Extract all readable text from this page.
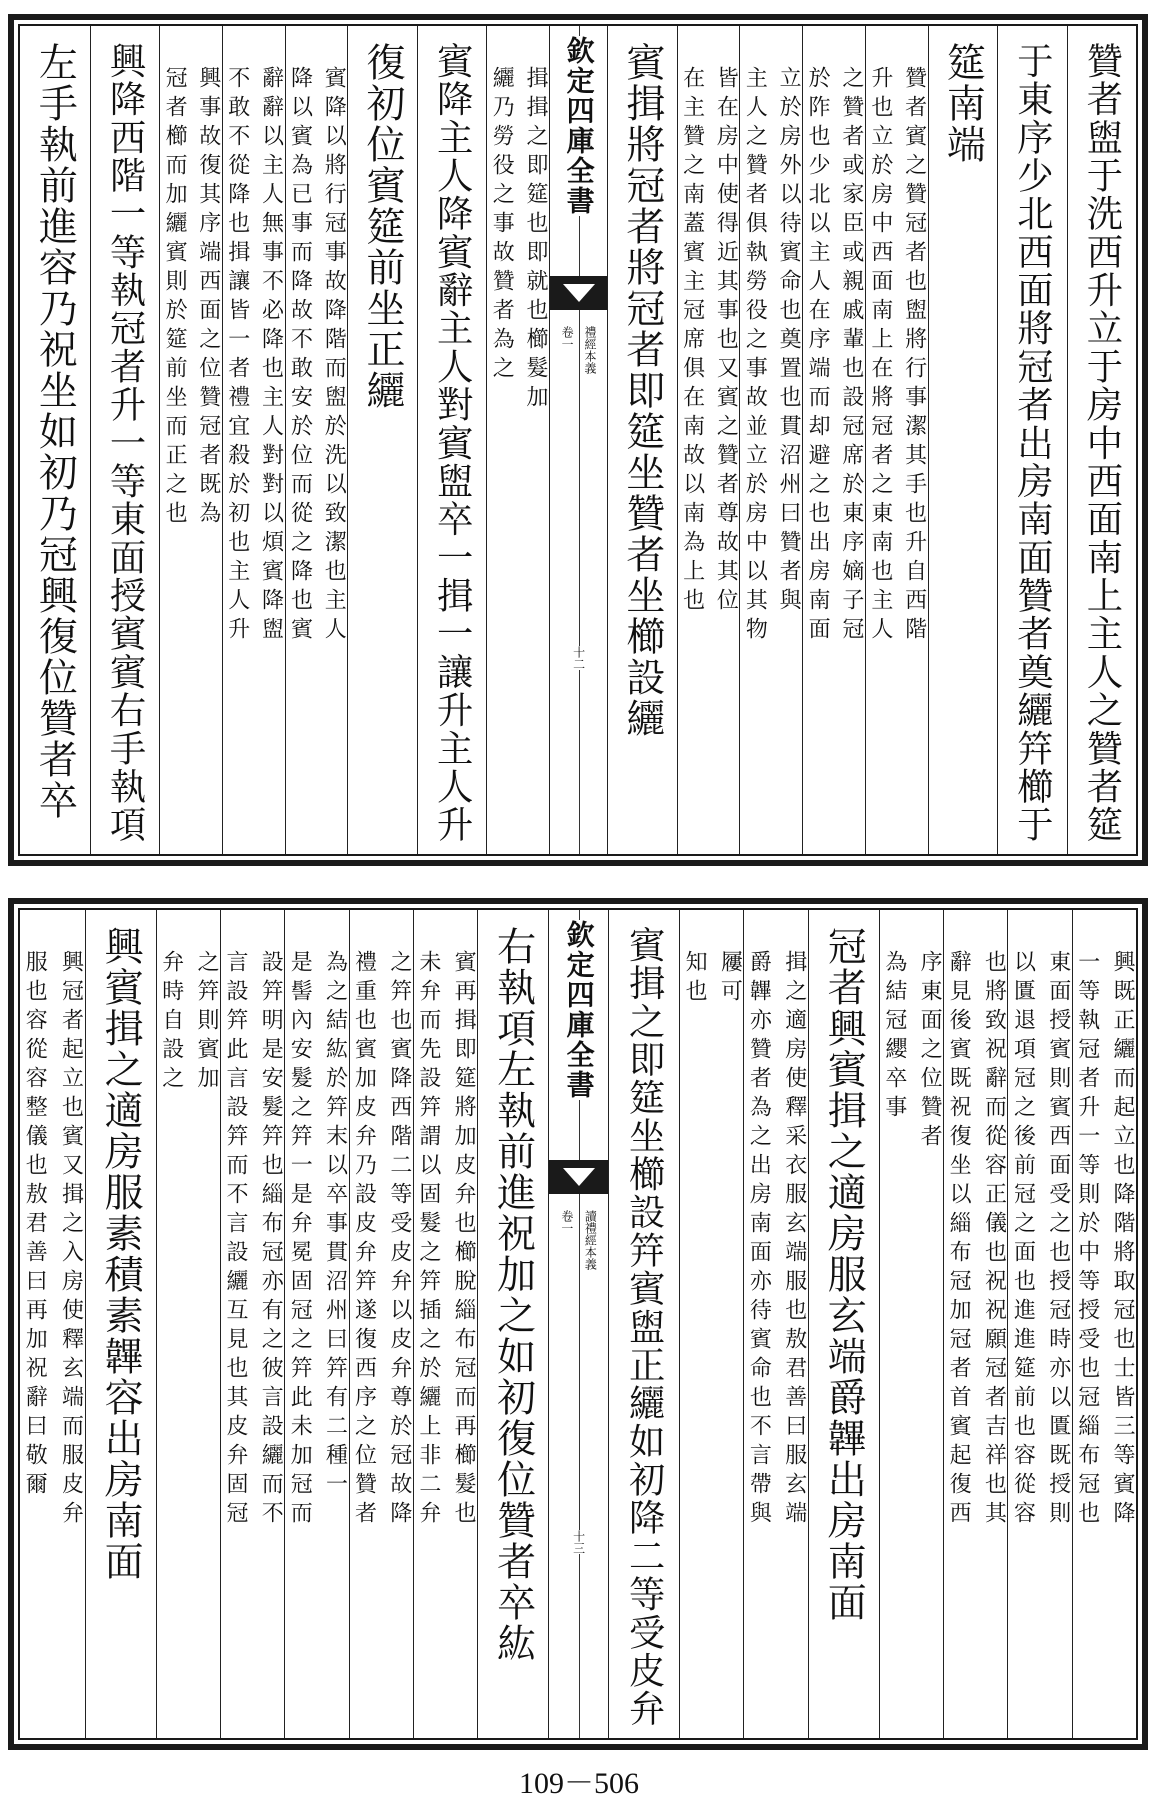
贊者盥于洗西升立于房中西面南上主人之贊者筵
于東序少北西面將冠者出房南面贊者奠纚筓櫛于
筵南端
贊者賓之贊冠者也盥將行事潔其手也升自西階
升也立於房中西面南上在將冠者之東南也主人
之贊者或家臣或親戚輩也設冠席於東序嫡子冠
於阼也少北以主人在序端而却避之也出房南面
立於房外以待賓命也奠置也貫沼州曰贊者與
主人之贊者俱執勞役之事故並立於房中以其物
皆在房中使得近其事也又賓之贊者尊故其位
在主贊之南蓋賓主冠席俱在南故以南為上也
賓揖將冠者將冠者即筵坐贊者坐櫛設纚
欽定四庫全書
卷一 禮經本義
十二
揖揖之即筵也即就也櫛髮加
纚乃勞役之事故贊者為之
賓降主人降賓辭主人對賓盥卒一揖一讓升主人升
復初位賓筵前坐正纚
賓降以將行冠事故降階而盥於洗以致潔也主人
降以賓為已事而降故不敢安於位而從之降也賓
辭辭以主人無事不必降也主人對對以煩賓降盥
不敢不從降也揖讓皆一者禮宜殺於初也主人升
興事故復其序端西面之位贊冠者既為
冠者櫛而加纚賓則於筵前坐而正之也
興降西階一等執冠者升一等東面授賓賓右手執項
左手執前進容乃祝坐如初乃冠興復位贊者卒
興既正纚而起立也降階將取冠也士皆三等賓降
一等執冠者升一等則於中等授受也冠緇布冠也
東面授賓則賓西面受之也授冠時亦以匱既授則
以匱退項冠之後前冠之面也進進筵前也容從容
也將致祝辭而從容正儀也祝祝願冠者吉祥也其
辭見後賓既祝復坐以緇布冠加冠者首賓起復西
序東面之位贊者
為結冠纓卒事
冠者興賓揖之適房服玄端爵韠出房南面
揖之適房使釋采衣服玄端服也敖君善曰服玄端
爵韠亦贊者為之出房南面亦待賓命也不言帶與
屨可
知也
賓揖之即筵坐櫛設筓賓盥正纚如初降二等受皮弁
欽定四庫全書
卷一 讀禮經本義
十三
右執項左執前進祝加之如初復位贊者卒紘
賓再揖即筵將加皮弁也櫛脫緇布冠而再櫛髮也
未弁而先設筓謂以固髮之筓插之於纚上非二弁
之筓也賓降西階二等受皮弁以皮弁尊於冠故降
禮重也賓加皮弁乃設皮弁筓遂復西序之位贊者
為之結紘於筓末以卒事貫沼州曰筓有二種一
是髻內安髮之筓一是弁冕固冠之筓此未加冠而
設筓明是安髮筓也緇布冠亦有之彼言設纚而不
言設筓此言設筓而不言設纚互見也其皮弁固冠
之筓則賓加
弁時自設之
興賓揖之適房服素積素韠容出房南面
興冠者起立也賓又揖之入房使釋玄端而服皮弁
服也容從容整儀也敖君善曰再加祝辭曰敬爾
109－506
